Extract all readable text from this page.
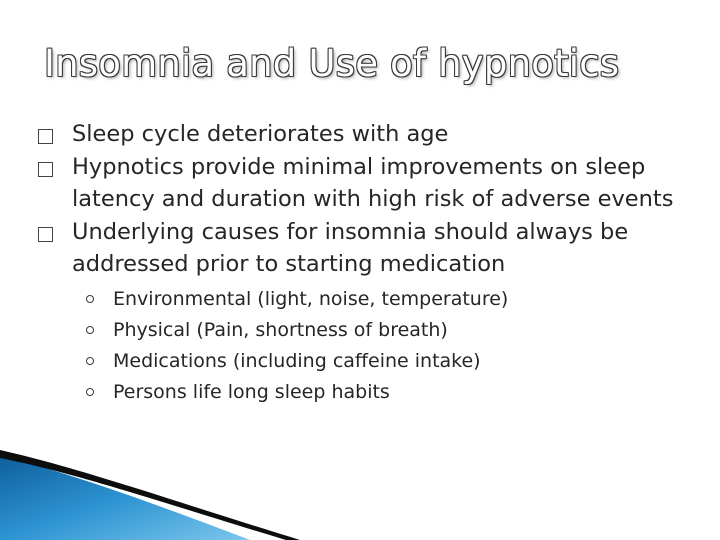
Insomnia and Use of hypnotics
Sleep cycle deteriorates with age
Hypnotics provide minimal improvements on sleep latency and duration with high risk of adverse events
Underlying causes for insomnia should always be addressed prior to starting medication
Environmental (light, noise, temperature)
Physical (Pain, shortness of breath)
Medications (including caffeine intake)
Persons life long sleep habits
